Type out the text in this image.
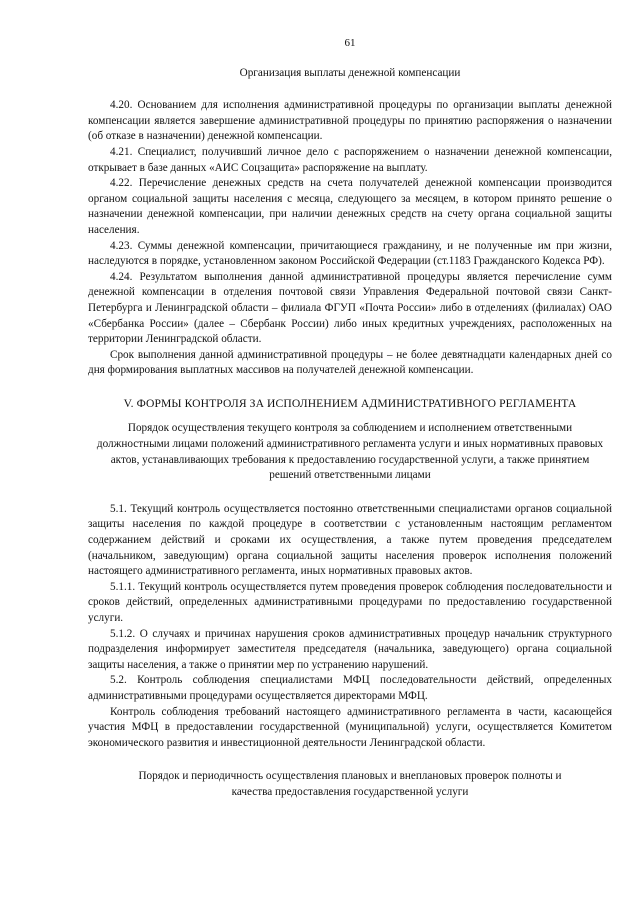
61
Организация выплаты денежной компенсации

4.20. Основанием для исполнения административной процедуры по организации выплаты денежной компенсации является завершение административной процедуры по принятию распоряжения о назначении (об отказе в назначении) денежной компенсации.

4.21. Специалист, получивший личное дело с распоряжением о назначении денежной компенсации, открывает в базе данных «АИС Соцзащита» распоряжение на выплату.

4.22. Перечисление денежных средств на счета получателей денежной компенсации производится органом социальной защиты населения с месяца, следующего за месяцем, в котором принято решение о назначении денежной компенсации, при наличии денежных средств на счету органа социальной защиты населения.

4.23. Суммы денежной компенсации, причитающиеся гражданину, и не полученные им при жизни, наследуются в порядке, установленном законом Российской Федерации (ст.1183 Гражданского Кодекса РФ).

4.24. Результатом выполнения данной административной процедуры является перечисление сумм денежной компенсации в отделения почтовой связи Управления Федеральной почтовой связи Санкт-Петербурга и Ленинградской области – филиала ФГУП «Почта России» либо в отделениях (филиалах) ОАО «Сбербанка России» (далее – Сбербанк России) либо иных кредитных учреждениях, расположенных на территории Ленинградской области.

Срок выполнения данной административной процедуры – не более девятнадцати календарных дней со дня формирования выплатных массивов на получателей денежной компенсации.

V. ФОРМЫ КОНТРОЛЯ ЗА ИСПОЛНЕНИЕМ АДМИНИСТРАТИВНОГО РЕГЛАМЕНТА
Порядок осуществления текущего контроля за соблюдением и исполнением ответственными должностными лицами положений административного регламента услуги и иных нормативных правовых актов, устанавливающих требования к предоставлению государственной услуги, а также принятием решений ответственными лицами

5.1. Текущий контроль осуществляется постоянно ответственными специалистами органов социальной защиты населения по каждой процедуре в соответствии с установленным настоящим регламентом содержанием действий и сроками их осуществления, а также путем проведения председателем (начальником, заведующим) органа социальной защиты населения проверок исполнения положений настоящего административного регламента, иных нормативных правовых актов.

5.1.1. Текущий контроль осуществляется путем проведения проверок соблюдения последовательности и сроков действий, определенных административными процедурами по предоставлению государственной услуги.

5.1.2. О случаях и причинах нарушения сроков административных процедур начальник структурного подразделения информирует заместителя председателя (начальника, заведующего) органа социальной защиты населения, а также о принятии мер по устранению нарушений.

5.2. Контроль соблюдения специалистами МФЦ последовательности действий, определенных административными процедурами осуществляется директорами МФЦ.

Контроль соблюдения требований настоящего административного регламента в части, касающейся участия МФЦ в предоставлении государственной (муниципальной) услуги, осуществляется Комитетом экономического развития и инвестиционной деятельности Ленинградской области.

Порядок и периодичность осуществления плановых и внеплановых проверок полноты и качества предоставления государственной услуги
